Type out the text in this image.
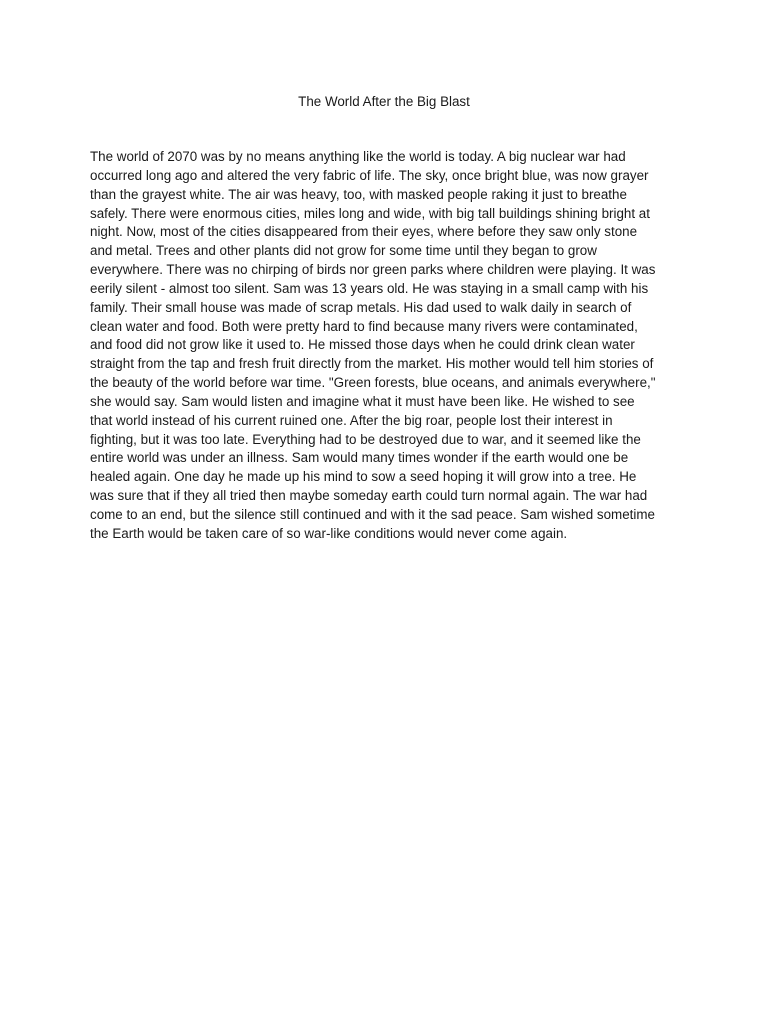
The World After the Big Blast
The world of 2070 was by no means anything like the world is today. A big nuclear war had
occurred long ago and altered the very fabric of life. The sky, once bright blue, was now grayer
than the grayest white. The air was heavy, too, with masked people raking it just to breathe
safely. There were enormous cities, miles long and wide, with big tall buildings shining bright at
night. Now, most of the cities disappeared from their eyes, where before they saw only stone
and metal. Trees and other plants did not grow for some time until they began to grow
everywhere. There was no chirping of birds nor green parks where children were playing. It was
eerily silent - almost too silent. Sam was 13 years old. He was staying in a small camp with his
family. Their small house was made of scrap metals. His dad used to walk daily in search of
clean water and food. Both were pretty hard to find because many rivers were contaminated,
and food did not grow like it used to. He missed those days when he could drink clean water
straight from the tap and fresh fruit directly from the market. His mother would tell him stories of
the beauty of the world before war time. "Green forests, blue oceans, and animals everywhere,"
she would say. Sam would listen and imagine what it must have been like. He wished to see
that world instead of his current ruined one. After the big roar, people lost their interest in
fighting, but it was too late. Everything had to be destroyed due to war, and it seemed like the
entire world was under an illness. Sam would many times wonder if the earth would one be
healed again. One day he made up his mind to sow a seed hoping it will grow into a tree. He
was sure that if they all tried then maybe someday earth could turn normal again. The war had
come to an end, but the silence still continued and with it the sad peace. Sam wished sometime
the Earth would be taken care of so war-like conditions would never come again.
